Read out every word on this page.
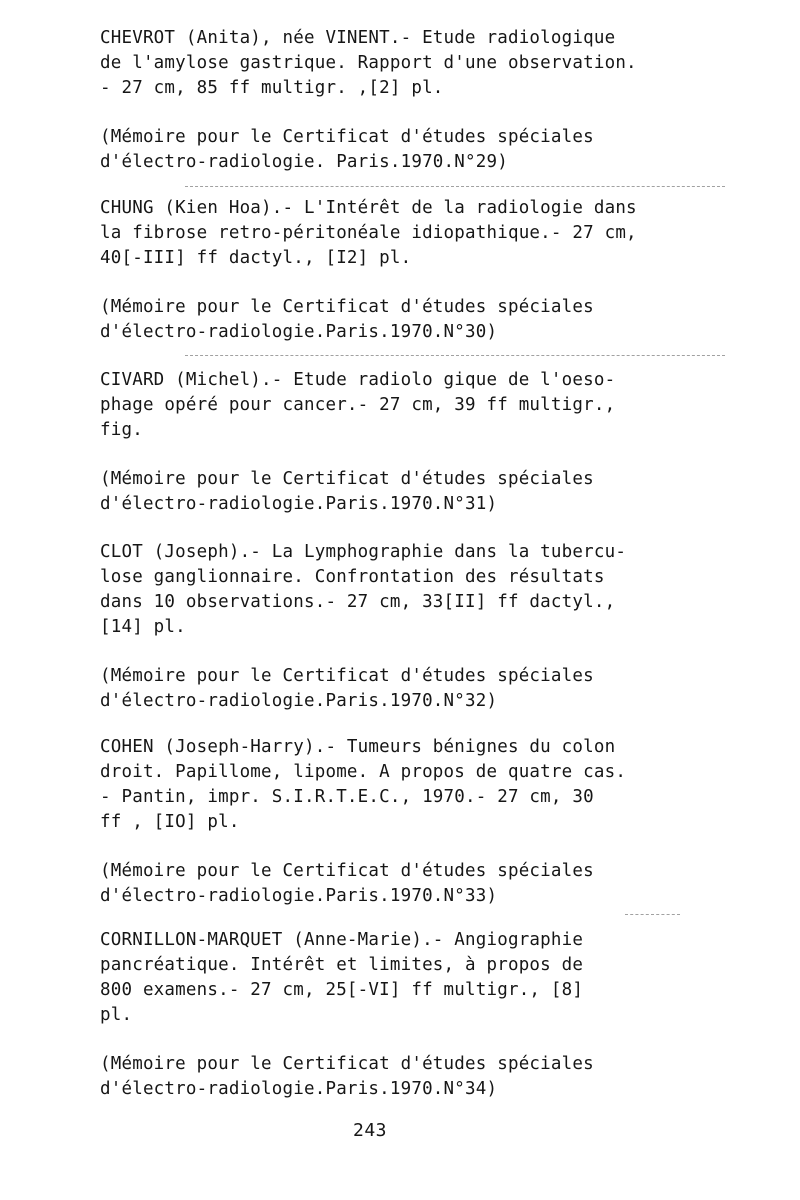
CHEVROT (Anita), née VINENT.- Etude radiologique
de l'amylose gastrique. Rapport d'une observation.
- 27 cm, 85 ff multigr. ,[2] pl.

(Mémoire pour le Certificat d'études spéciales
d'électro-radiologie. Paris.1970.N°29)

CHUNG (Kien Hoa).- L'Intérêt de la radiologie dans
la fibrose retro-péritonéale idiopathique.- 27 cm,
40[-III] ff dactyl., [I2] pl.

(Mémoire pour le Certificat d'études spéciales
d'électro-radiologie.Paris.1970.N°30)

CIVARD (Michel).- Etude radiolo gique de l'oeso-
phage opéré pour cancer.- 27 cm, 39 ff multigr.,
fig.

(Mémoire pour le Certificat d'études spéciales
d'électro-radiologie.Paris.1970.N°31)

CLOT (Joseph).- La Lymphographie dans la tubercu-
lose ganglionnaire. Confrontation des résultats
dans 10 observations.- 27 cm, 33[II] ff dactyl.,
[14] pl.

(Mémoire pour le Certificat d'études spéciales
d'électro-radiologie.Paris.1970.N°32)

COHEN (Joseph-Harry).- Tumeurs bénignes du colon
droit. Papillome, lipome. A propos de quatre cas.
- Pantin, impr. S.I.R.T.E.C., 1970.- 27 cm, 30
ff , [IO] pl.

(Mémoire pour le Certificat d'études spéciales
d'électro-radiologie.Paris.1970.N°33)

CORNILLON-MARQUET (Anne-Marie).- Angiographie
pancréatique. Intérêt et limites, à propos de
800 examens.- 27 cm, 25[-VI] ff multigr., [8]
pl.

(Mémoire pour le Certificat d'études spéciales
d'électro-radiologie.Paris.1970.N°34)

243
